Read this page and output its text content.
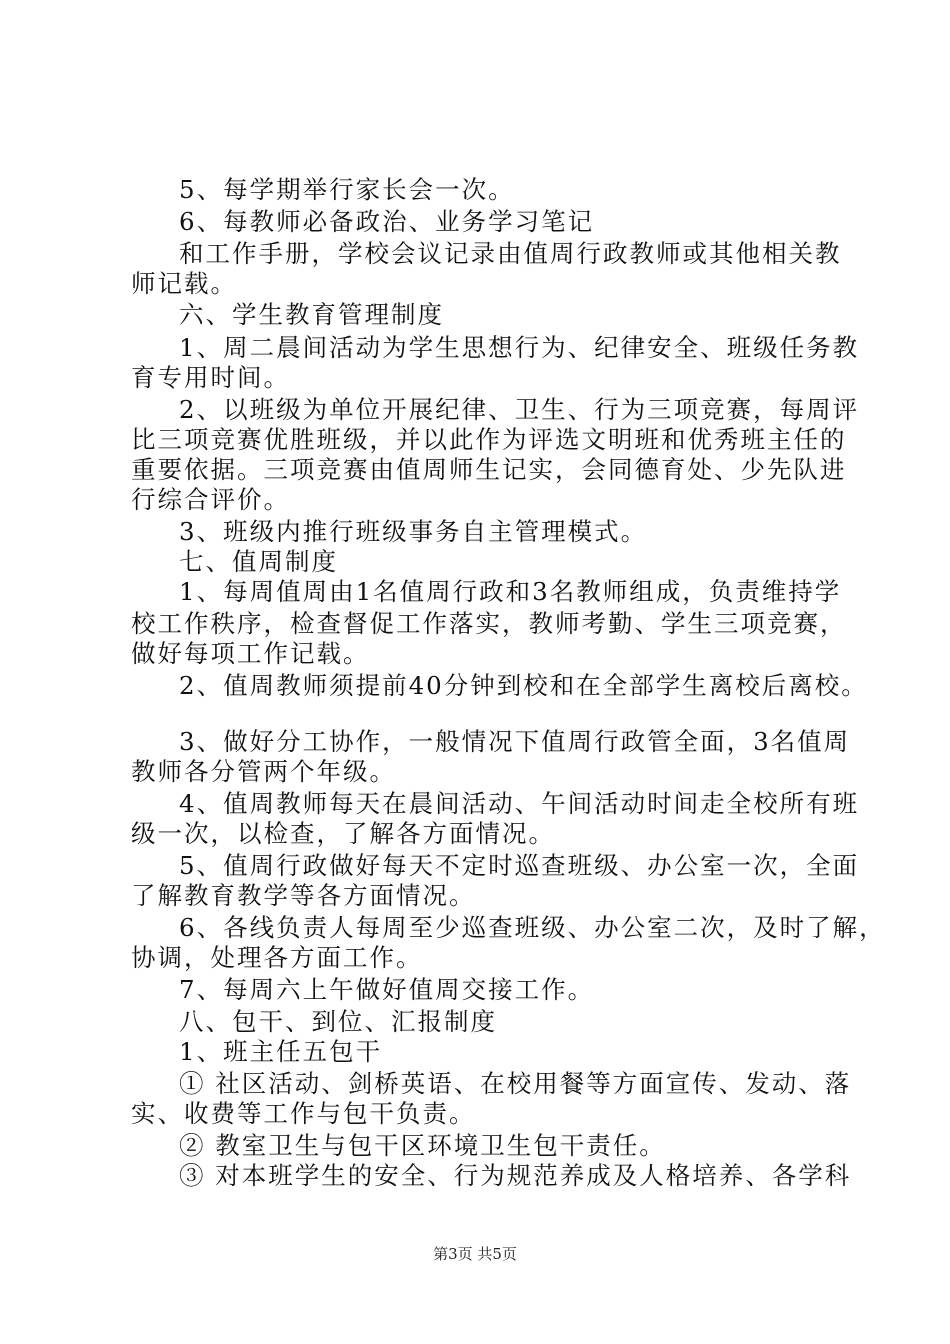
5、每学期举行家长会一次。
6、每教师必备政治、业务学习笔记
和工作手册，学校会议记录由值周行政教师或其他相关教
师记载。
六、学生教育管理制度
1、周二晨间活动为学生思想行为、纪律安全、班级任务教
育专用时间。
2、以班级为单位开展纪律、卫生、行为三项竞赛，每周评
比三项竞赛优胜班级，并以此作为评选文明班和优秀班主任的
重要依据。三项竞赛由值周师生记实，会同德育处、少先队进
行综合评价。
3、班级内推行班级事务自主管理模式。
七、值周制度
1、每周值周由1名值周行政和3名教师组成，负责维持学
校工作秩序，检查督促工作落实，教师考勤、学生三项竞赛，
做好每项工作记载。
2、值周教师须提前40分钟到校和在全部学生离校后离校。
3、做好分工协作，一般情况下值周行政管全面，3名值周
教师各分管两个年级。
4、值周教师每天在晨间活动、午间活动时间走全校所有班
级一次，以检查，了解各方面情况。
5、值周行政做好每天不定时巡查班级、办公室一次，全面
了解教育教学等各方面情况。
6、各线负责人每周至少巡查班级、办公室二次，及时了解，
协调，处理各方面工作。
7、每周六上午做好值周交接工作。
八、包干、到位、汇报制度
1、班主任五包干
① 社区活动、剑桥英语、在校用餐等方面宣传、发动、落
实、收费等工作与包干负责。
② 教室卫生与包干区环境卫生包干责任。
③ 对本班学生的安全、行为规范养成及人格培养、各学科
第3页 共5页
